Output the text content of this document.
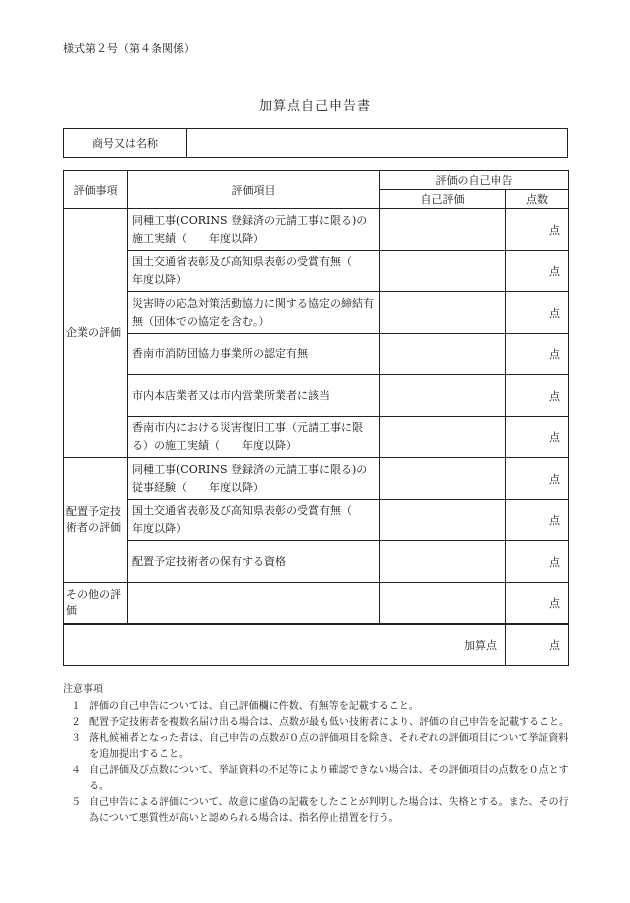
様式第２号（第４条関係）
加算点自己申告書
商号又は名称	
評価事項	評価項目	評価の自己申告	
		自己評価	点数
企業の評価	同種工事(CORINS 登録済の元請工事に限る)の施工実績（　　年度以降）		点
	国土交通省表彰及び高知県表彰の受賞有無（　　年度以降）		点
	災害時の応急対策活動協力に関する協定の締結有無（団体での協定を含む。）		点
	香南市消防団協力事業所の認定有無		点
	市内本店業者又は市内営業所業者に該当		点
	香南市内における災害復旧工事（元請工事に限る）の施工実績（　　年度以降）		点
配置予定技術者の評価	同種工事(CORINS 登録済の元請工事に限る)の従事経験（　　年度以降）		点
	国土交通省表彰及び高知県表彰の受賞有無（　　年度以降）		点
	配置予定技術者の保有する資格		点
その他の評価			点
加算点			点
注意事項
１ 評価の自己申告については、自己評価欄に件数、有無等を記載すること。
２ 配置予定技術者を複数名届け出る場合は、点数が最も低い技術者により、評価の自己申告を記載すること。
３ 落札候補者となった者は、自己申告の点数が０点の評価項目を除き、それぞれの評価項目について挙証資料を追加提出すること。
４ 自己評価及び点数について、挙証資料の不足等により確認できない場合は、その評価項目の点数を０点とする。
５ 自己申告による評価について、故意に虚偽の記載をしたことが判明した場合は、失格とする。また、その行為について悪質性が高いと認められる場合は、指名停止措置を行う。
